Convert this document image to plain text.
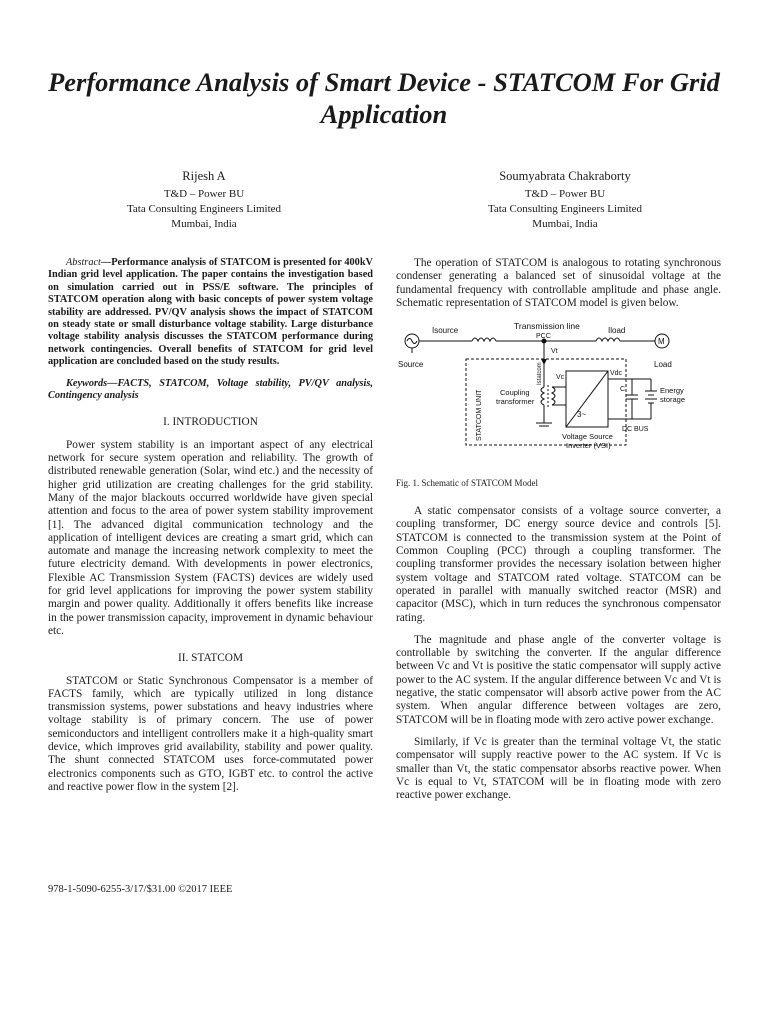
Performance Analysis of Smart Device - STATCOM For Grid Application
Rijesh A
T&D – Power BU
Tata Consulting Engineers Limited
Mumbai, India
Soumyabrata Chakraborty
T&D – Power BU
Tata Consulting Engineers Limited
Mumbai, India

Abstract—Performance analysis of STATCOM is presented for 400kV Indian grid level application. The paper contains the investigation based on simulation carried out in PSS/E software. The principles of STATCOM operation along with basic concepts of power system voltage stability are addressed. PV/QV analysis shows the impact of STATCOM on steady state or small disturbance voltage stability. Large disturbance voltage stability analysis discusses the STATCOM performance during network contingencies. Overall benefits of STATCOM for grid level application are concluded based on the study results.

Keywords—FACTS, STATCOM, Voltage stability, PV/QV analysis, Contingency analysis

I. INTRODUCTION

Power system stability is an important aspect of any electrical network for secure system operation and reliability. The growth of distributed renewable generation (Solar, wind etc.) and the necessity of higher grid utilization are creating challenges for the grid stability. Many of the major blackouts occurred worldwide have given special attention and focus to the area of power system stability improvement [1]. The advanced digital communication technology and the application of intelligent devices are creating a smart grid, which can automate and manage the increasing network complexity to meet the future electricity demand. With developments in power electronics, Flexible AC Transmission System (FACTS) devices are widely used for grid level applications for improving the power system stability margin and power quality. Additionally it offers benefits like increase in the power transmission capacity, improvement in dynamic behaviour etc.

II. STATCOM

STATCOM or Static Synchronous Compensator is a member of FACTS family, which are typically utilized in long distance transmission systems, power substations and heavy industries where voltage stability is of primary concern. The use of power semiconductors and intelligent controllers make it a high-quality smart device, which improves grid availability, stability and power quality. The shunt connected STATCOM uses force-commutated power electronics components such as GTO, IGBT etc. to control the active and reactive power flow in the system [2].

The operation of STATCOM is analogous to rotating synchronous condenser generating a balanced set of sinusoidal voltage at the fundamental frequency with controllable amplitude and phase angle. Schematic representation of STATCOM model is given below.

Source
Isource	Transmission line
PCC
Vt
Iload
M
Load
STATCOM UNIT
Istatcom Vc
Vdc
Coupling
transformer
3~
C	Energy
storage
DC BUS
Voltage Source
Inverter (VSI)
Fig. 1. Schematic of STATCOM Model

A static compensator consists of a voltage source converter, a coupling transformer, DC energy source device and controls [5]. STATCOM is connected to the transmission system at the Point of Common Coupling (PCC) through a coupling transformer. The coupling transformer provides the necessary isolation between higher system voltage and STATCOM rated voltage. STATCOM can be operated in parallel with manually switched reactor (MSR) and capacitor (MSC), which in turn reduces the synchronous compensator rating.

The magnitude and phase angle of the converter voltage is controllable by switching the converter. If the angular difference between Vc and Vt is positive the static compensator will supply active power to the AC system. If the angular difference between Vc and Vt is negative, the static compensator will absorb active power from the AC system. When angular difference between voltages are zero, STATCOM will be in floating mode with zero active power exchange.

Similarly, if Vc is greater than the terminal voltage Vt, the static compensator will supply reactive power to the AC system. If Vc is smaller than Vt, the static compensator absorbs reactive power. When Vc is equal to Vt, STATCOM will be in floating mode with zero reactive power exchange.

978-1-5090-6255-3/17/$31.00 ©2017 IEEE
